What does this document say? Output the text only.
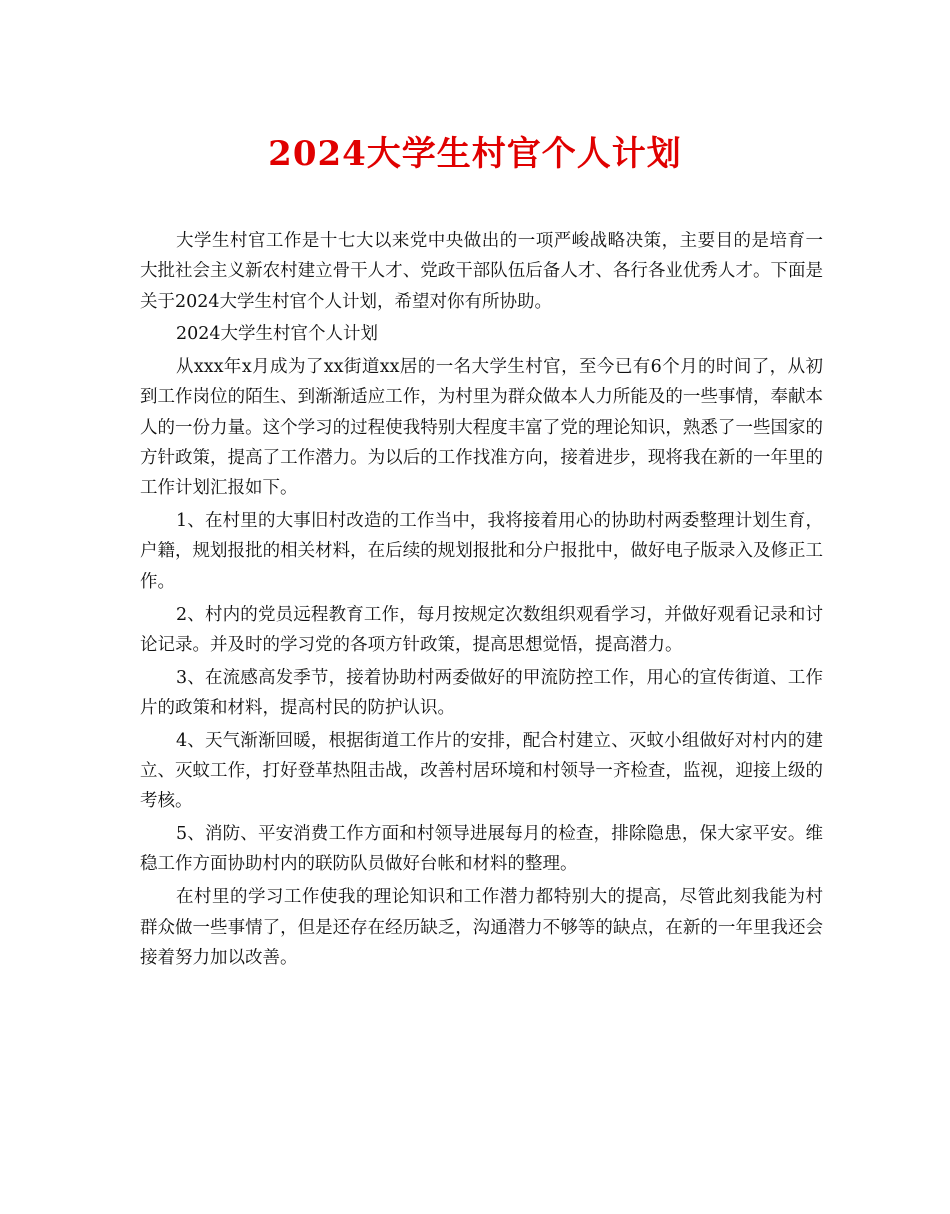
2024大学生村官个人计划

大学生村官工作是十七大以来党中央做出的一项严峻战略决策，主要目的是培育一大批社会主义新农村建立骨干人才、党政干部队伍后备人才、各行各业优秀人才。下面是关于2024大学生村官个人计划，希望对你有所协助。

2024大学生村官个人计划

从xxx年x月成为了xx街道xx居的一名大学生村官，至今已有6个月的时间了，从初到工作岗位的陌生、到渐渐适应工作，为村里为群众做本人力所能及的一些事情，奉献本人的一份力量。这个学习的过程使我特别大程度丰富了党的理论知识，熟悉了一些国家的方针政策，提高了工作潜力。为以后的工作找准方向，接着进步，现将我在新的一年里的工作计划汇报如下。

1、在村里的大事旧村改造的工作当中，我将接着用心的协助村两委整理计划生育，户籍，规划报批的相关材料，在后续的规划报批和分户报批中，做好电子版录入及修正工作。

2、村内的党员远程教育工作，每月按规定次数组织观看学习，并做好观看记录和讨论记录。并及时的学习党的各项方针政策，提高思想觉悟，提高潜力。

3、在流感高发季节，接着协助村两委做好的甲流防控工作，用心的宣传街道、工作片的政策和材料，提高村民的防护认识。

4、天气渐渐回暖，根据街道工作片的安排，配合村建立、灭蚊小组做好对村内的建立、灭蚊工作，打好登革热阻击战，改善村居环境和村领导一齐检查，监视，迎接上级的考核。

5、消防、平安消费工作方面和村领导进展每月的检查，排除隐患，保大家平安。维稳工作方面协助村内的联防队员做好台帐和材料的整理。

在村里的学习工作使我的理论知识和工作潜力都特别大的提高，尽管此刻我能为村群众做一些事情了，但是还存在经历缺乏，沟通潜力不够等的缺点，在新的一年里我还会接着努力加以改善。
